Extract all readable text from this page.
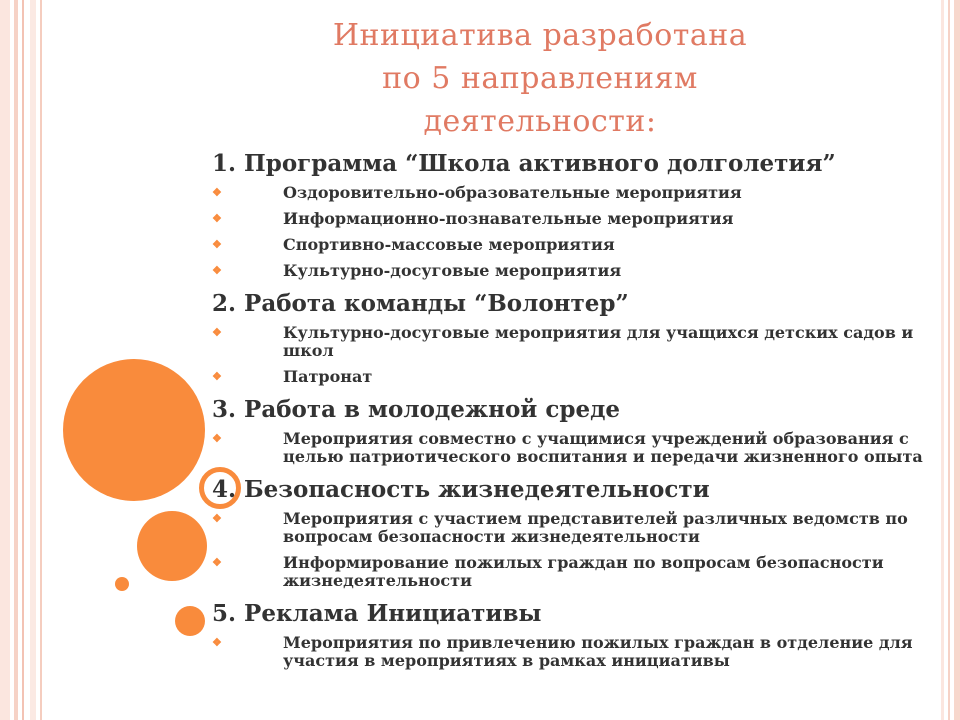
Инициатива разработана
по 5 направлениям
деятельности:
1. Программа “Школа активного долголетия”
❖	Оздоровительно-образовательные мероприятия
❖	Информационно-познавательные мероприятия
❖	Спортивно-массовые мероприятия
❖	Культурно-досуговые мероприятия
2. Работа команды “Волонтер”
❖	Культурно-досуговые мероприятия для учащихся детских садов и школ
❖	Патронат
3. Работа в молодежной среде
❖	Мероприятия совместно с учащимися учреждений образования с целью патриотического воспитания и передачи жизненного опыта
4. Безопасность жизнедеятельности
❖	Мероприятия с участием представителей различных ведомств по вопросам безопасности жизнедеятельности
❖	Информирование пожилых граждан по вопросам безопасности жизнедеятельности
5. Реклама Инициативы
❖	Мероприятия по привлечению пожилых граждан в отделение для участия в мероприятиях в рамках инициативы
